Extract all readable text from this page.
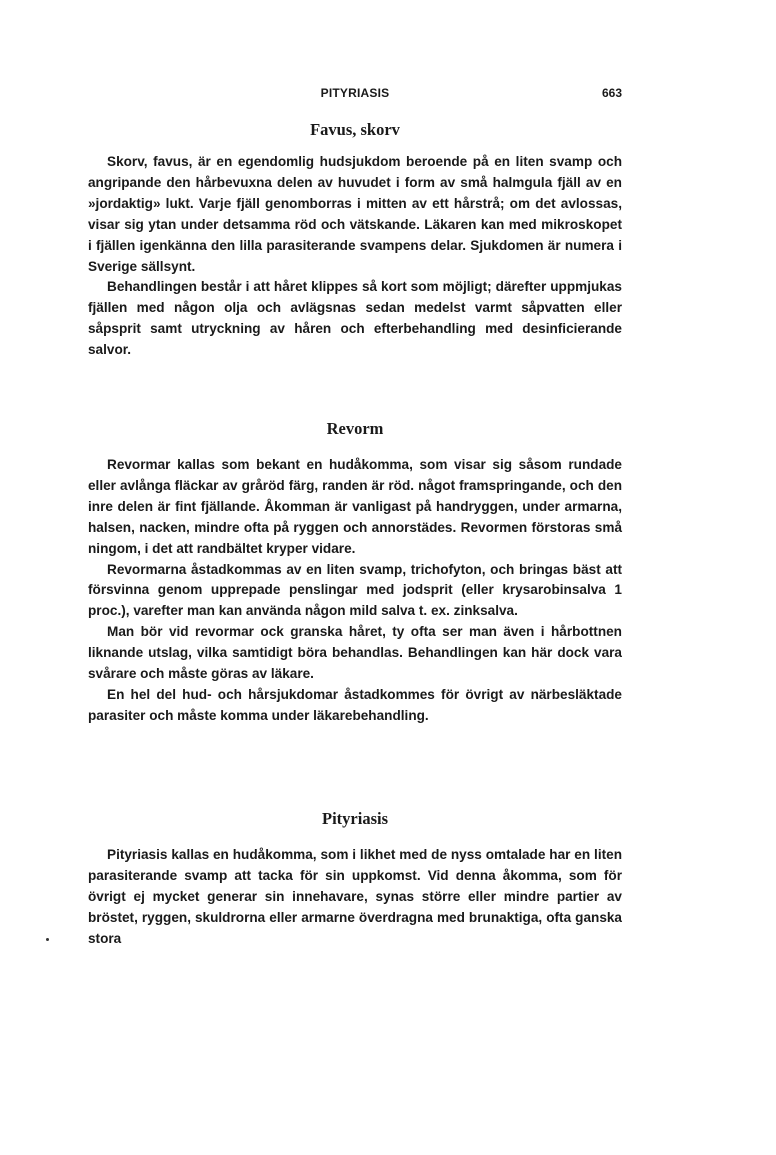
PITYRIASIS	663
Favus, skorv

Skorv, favus, är en egendomlig hudsjukdom beroende på en liten svamp och angripande den hårbevuxna delen av huvudet i form av små halmgula fjäll av en »jordaktig» lukt. Varje fjäll genomborras i mitten av ett hårstrå; om det avlossas, visar sig ytan under detsamma röd och vätskande. Läkaren kan med mikroskopet i fjällen igenkänna den lilla parasiterande svampens delar. Sjukdomen är numera i Sverige sällsynt.

Behandlingen består i att håret klippes så kort som möjligt; därefter uppmjukas fjällen med någon olja och avlägsnas sedan medelst varmt såpvatten eller såpsprit samt utryckning av håren och efterbehandling med desinficierande salvor.

Revorm

Revormar kallas som bekant en hudåkomma, som visar sig såsom rundade eller avlånga fläckar av gråröd färg, randen är röd. något framspringande, och den inre delen är fint fjällande. Åkomman är vanligast på handryggen, under armarna, halsen, nacken, mindre ofta på ryggen och annorstädes. Revormen förstoras små ningom, i det att randbältet kryper vidare.

Revormarna åstadkommas av en liten svamp, trichofyton, och bringas bäst att försvinna genom upprepade penslingar med jodsprit (eller krysarobinsalva 1 proc.), varefter man kan använda någon mild salva t. ex. zinksalva.

Man bör vid revormar ock granska håret, ty ofta ser man även i hårbottnen liknande utslag, vilka samtidigt böra behandlas. Behandlingen kan här dock vara svårare och måste göras av läkare.

En hel del hud- och hårsjukdomar åstadkommes för övrigt av närbesläktade parasiter och måste komma under läkarebehandling.

Pityriasis

Pityriasis kallas en hudåkomma, som i likhet med de nyss omtalade har en liten parasiterande svamp att tacka för sin uppkomst. Vid denna åkomma, som för övrigt ej mycket generar sin innehavare, synas större eller mindre partier av bröstet, ryggen, skuldrorna eller armarne överdragna med brunaktiga, ofta ganska stora
